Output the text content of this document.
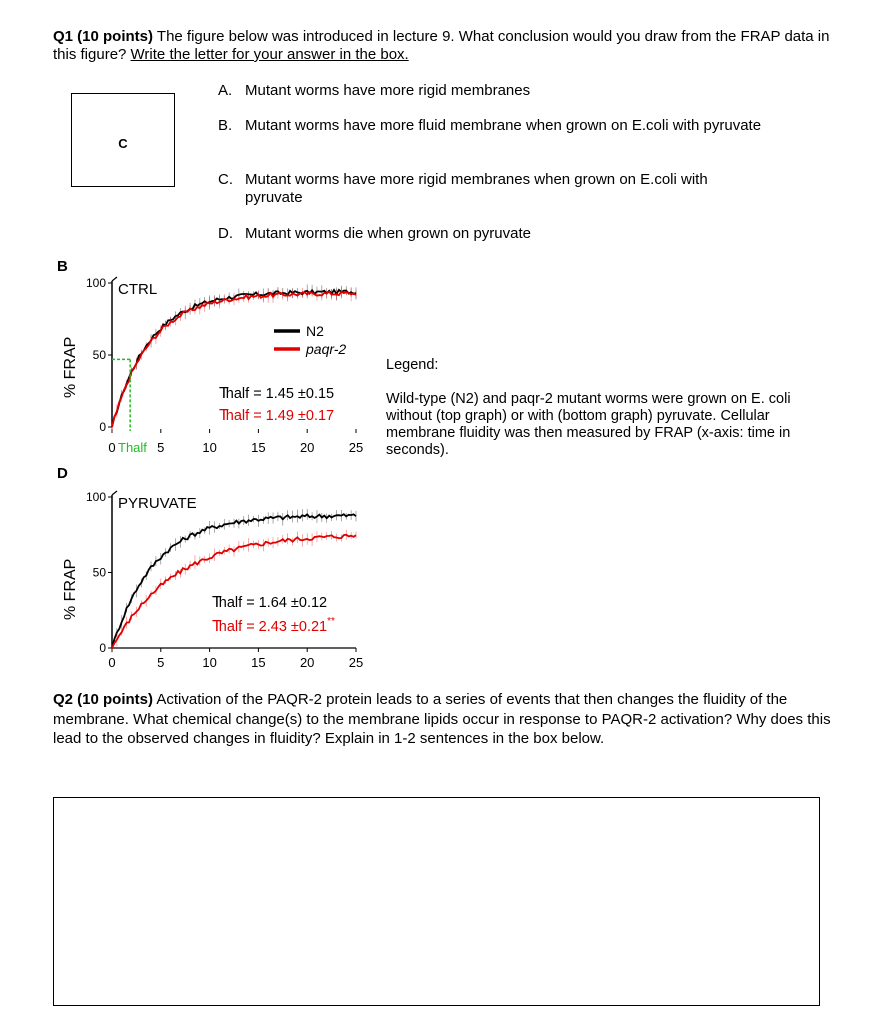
Q1 (10 points) The figure below was introduced in lecture 9. What conclusion would you draw from the FRAP data in this figure? Write the letter for your answer in the box.
C
A. Mutant worms have more rigid membranes
B. Mutant worms have more fluid membrane when grown on E.coli with pyruvate
C. Mutant worms have more rigid membranes when grown on E.coli with pyruvate
D. Mutant worms die when grown on pyruvate
B
% FRAP
0
50
100
0	5	10	15	20	25
CTRL
Thalf = 1.45 ±0.15
Thalf = 1.49 ±0.17
N2
paqr-2
Thalf
D
% FRAP
0
50
100
0	5	10	15	20	25
PYRUVATE
Thalf = 1.64 ±0.12
Thalf = 2.43 ±0.21**
Legend:
Wild-type (N2) and paqr-2 mutant worms were grown on E. coli without (top graph) or with (bottom graph) pyruvate. Cellular membrane fluidity was then measured by FRAP (x-axis: time in seconds).
Q2 (10 points) Activation of the PAQR-2 protein leads to a series of events that then changes the fluidity of the membrane. What chemical change(s) to the membrane lipids occur in response to PAQR-2 activation? Why does this lead to the observed changes in fluidity? Explain in 1-2 sentences in the box below.
